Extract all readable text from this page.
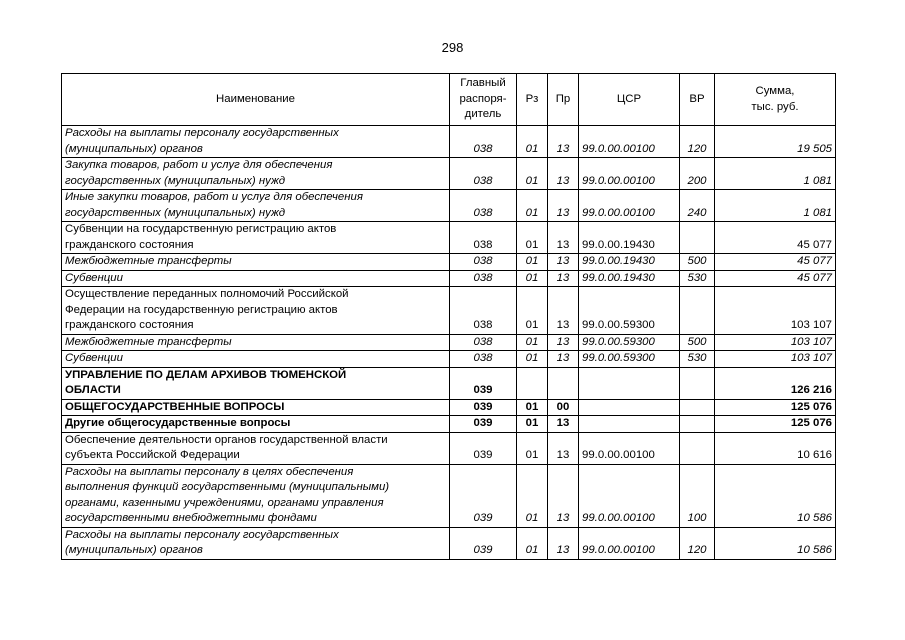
298
Наименование	Главный
распоря-
дитель	Рз	Пр	ЦСР	ВР	Сумма,
тыс. руб.
Расходы на выплаты персоналу государственных
(муниципальных) органов	038	01	13	99.0.00.00100	120	19 505
Закупка товаров, работ и услуг для обеспечения
государственных (муниципальных) нужд	038	01	13	99.0.00.00100	200	1 081
Иные закупки товаров, работ и услуг для обеспечения
государственных (муниципальных) нужд	038	01	13	99.0.00.00100	240	1 081
Субвенции на государственную регистрацию актов
гражданского состояния	038	01	13	99.0.00.19430		45 077
Межбюджетные трансферты	038	01	13	99.0.00.19430	500	45 077
Субвенции	038	01	13	99.0.00.19430	530	45 077
Осуществление переданных полномочий Российской
Федерации на государственную регистрацию актов
гражданского состояния	038	01	13	99.0.00.59300		103 107
Межбюджетные трансферты	038	01	13	99.0.00.59300	500	103 107
Субвенции	038	01	13	99.0.00.59300	530	103 107
УПРАВЛЕНИЕ ПО ДЕЛАМ АРХИВОВ ТЮМЕНСКОЙ
ОБЛАСТИ	039					126 216
ОБЩЕГОСУДАРСТВЕННЫЕ ВОПРОСЫ	039	01	00			125 076
Другие общегосударственные вопросы	039	01	13			125 076
Обеспечение деятельности органов государственной власти
субъекта Российской Федерации	039	01	13	99.0.00.00100		10 616
Расходы на выплаты персоналу в целях обеспечения
выполнения функций государственными (муниципальными)
органами, казенными учреждениями, органами управления
государственными внебюджетными фондами	039	01	13	99.0.00.00100	100	10 586
Расходы на выплаты персоналу государственных
(муниципальных) органов	039	01	13	99.0.00.00100	120	10 586
